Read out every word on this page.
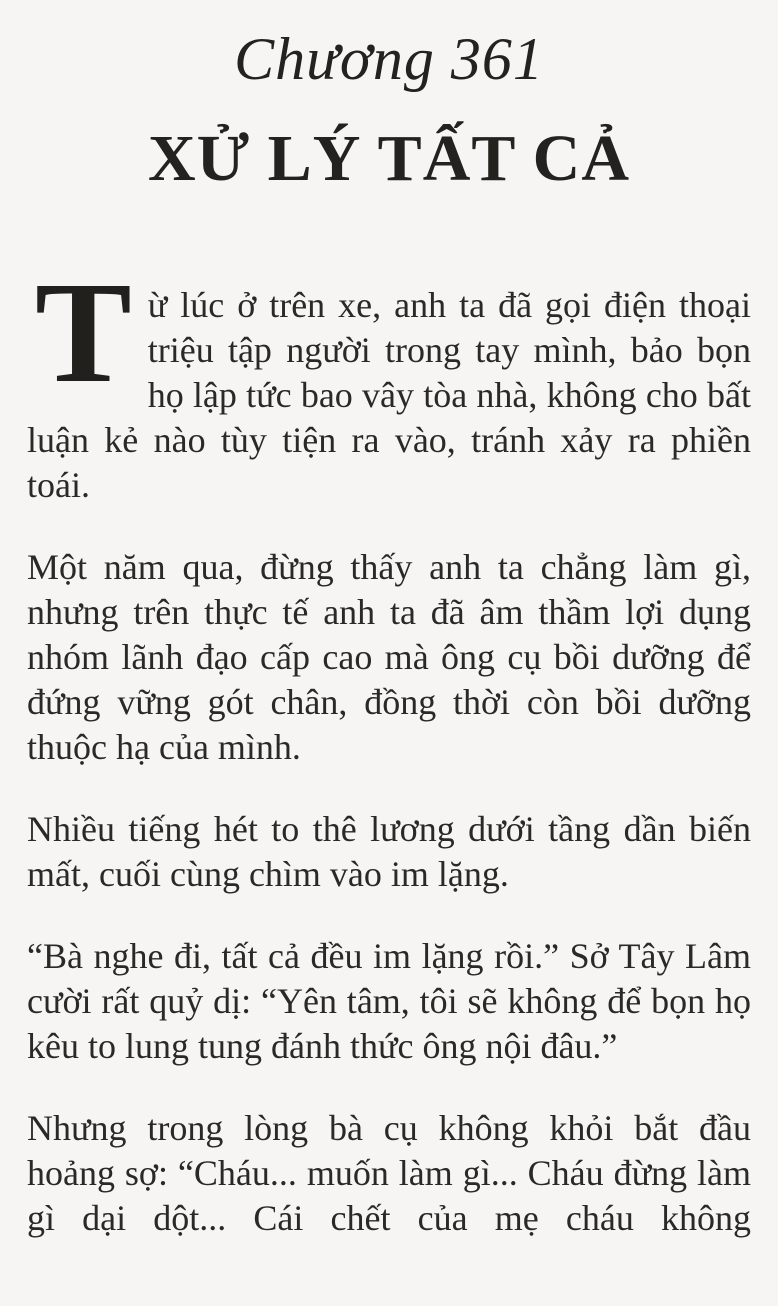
Chương 361
XỬ LÝ TẤT CẢ

Từ lúc ở trên xe, anh ta đã gọi điện thoại triệu tập người trong tay mình, bảo bọn họ lập tức bao vây tòa nhà, không cho bất luận kẻ nào tùy tiện ra vào, tránh xảy ra phiền toái.

Một năm qua, đừng thấy anh ta chẳng làm gì, nhưng trên thực tế anh ta đã âm thầm lợi dụng nhóm lãnh đạo cấp cao mà ông cụ bồi dưỡng để đứng vững gót chân, đồng thời còn bồi dưỡng thuộc hạ của mình.

Nhiều tiếng hét to thê lương dưới tầng dần biến mất, cuối cùng chìm vào im lặng.

“Bà nghe đi, tất cả đều im lặng rồi.” Sở Tây Lâm cười rất quỷ dị: “Yên tâm, tôi sẽ không để bọn họ kêu to lung tung đánh thức ông nội đâu.”

Nhưng trong lòng bà cụ không khỏi bắt đầu hoảng sợ: “Cháu... muốn làm gì... Cháu đừng làm gì dại dột... Cái chết của mẹ cháu không
